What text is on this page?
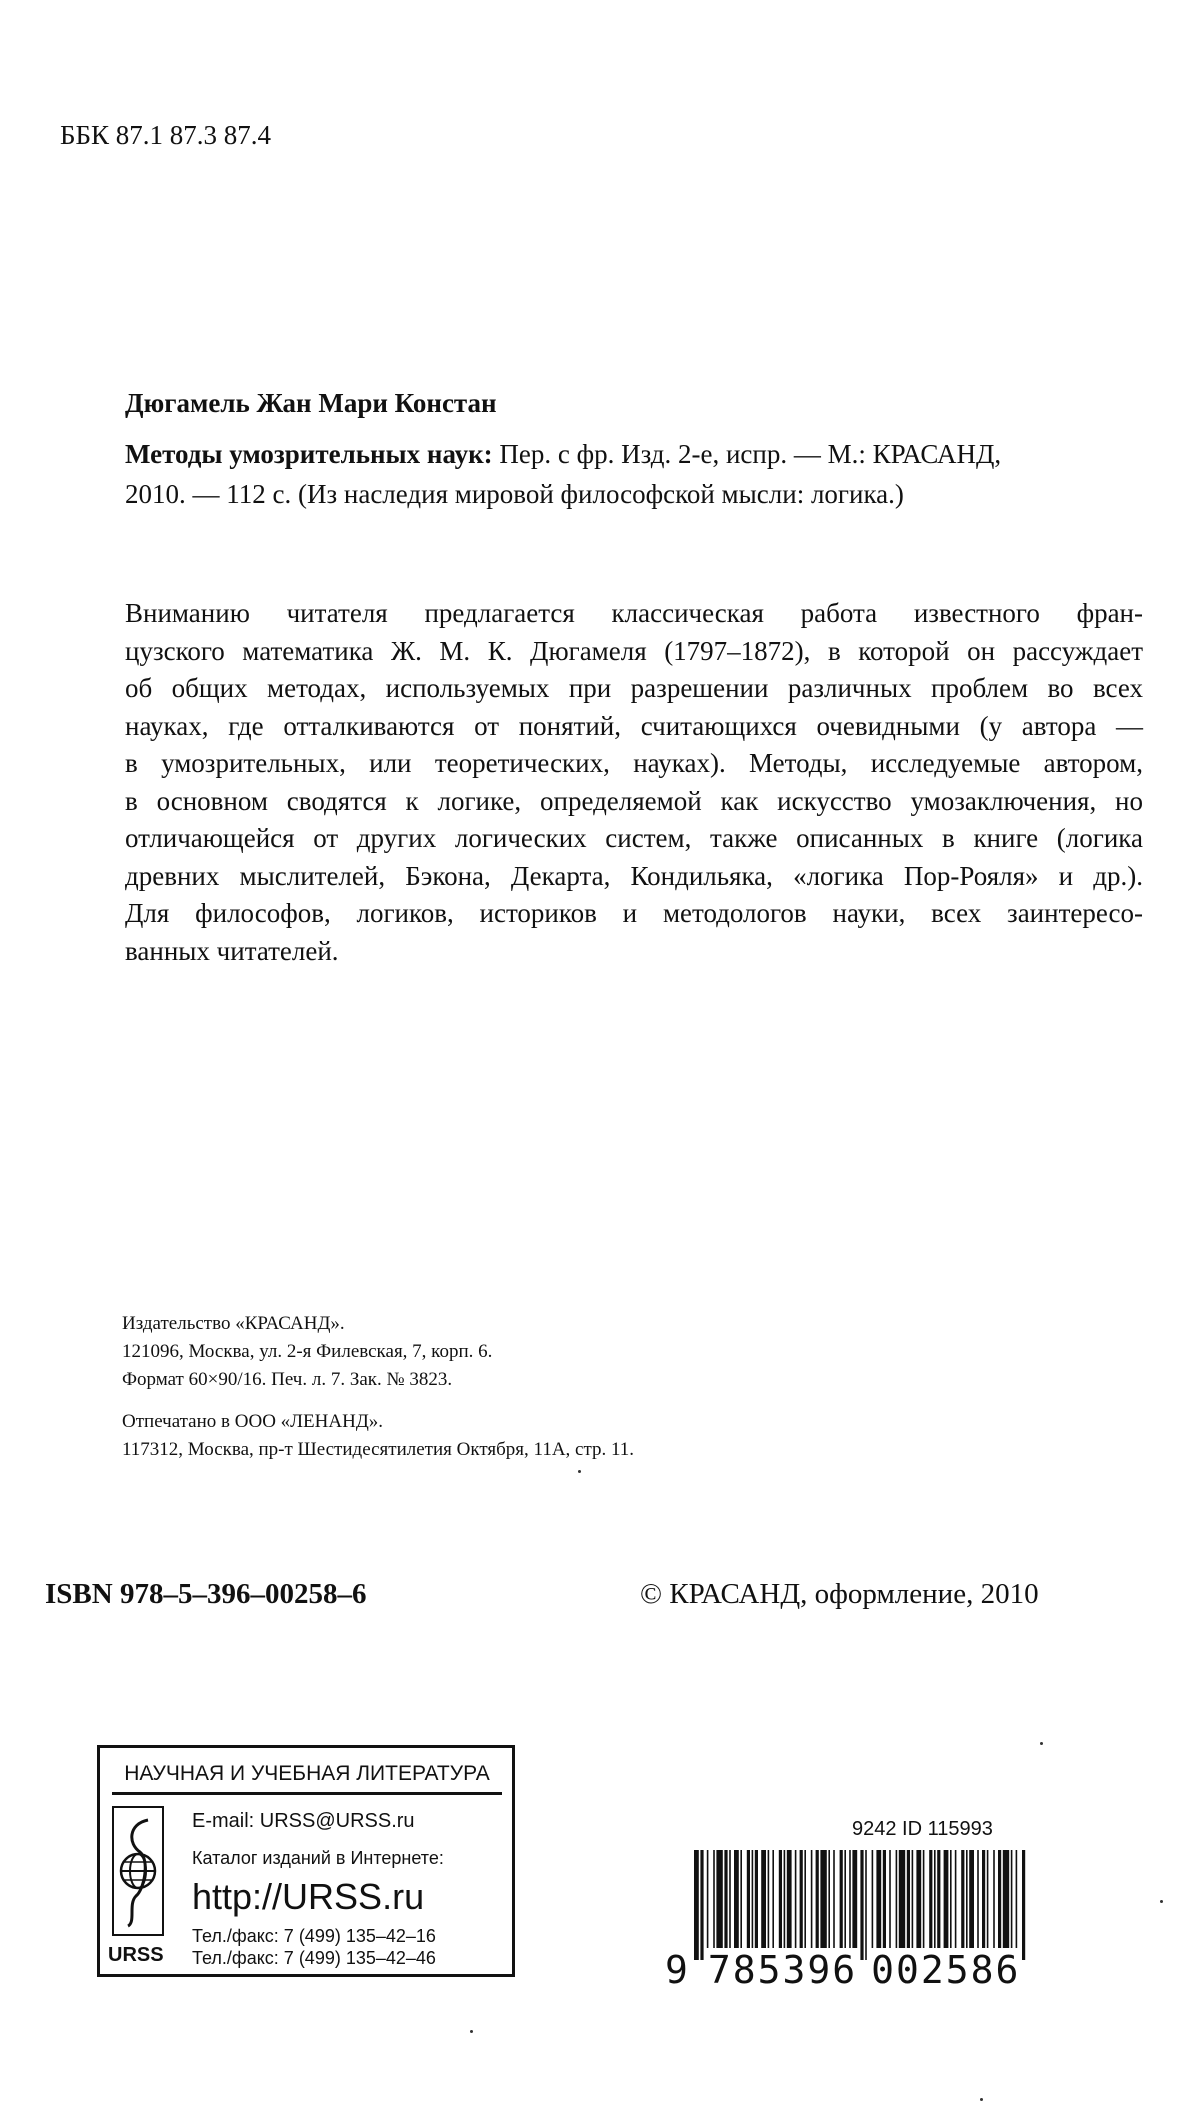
ББК 87.1 87.3 87.4
Дюгамель Жан Мари Констан
Методы умозрительных наук: Пер. с фр. Изд. 2-е, испр. — М.: КРАСАНД,
2010. — 112 с. (Из наследия мировой философской мысли: логика.)
Вниманию читателя предлагается классическая работа известного фран-
цузского математика Ж. М. К. Дюгамеля (1797–1872), в которой он рассуждает
об общих методах, используемых при разрешении различных проблем во всех
науках, где отталкиваются от понятий, считающихся очевидными (у автора —
в умозрительных, или теоретических, науках). Методы, исследуемые автором,
в основном сводятся к логике, определяемой как искусство умозаключения, но
отличающейся от других логических систем, также описанных в книге (логика
древних мыслителей, Бэкона, Декарта, Кондильяка, «логика Пор-Рояля» и др.).
Для философов, логиков, историков и методологов науки, всех заинтересо-
ванных читателей.
Издательство «КРАСАНД».
121096, Москва, ул. 2-я Филевская, 7, корп. 6.
Формат 60×90/16. Печ. л. 7. Зак. № 3823.
Отпечатано в ООО «ЛЕНАНД».
117312, Москва, пр-т Шестидесятилетия Октября, 11А, стр. 11.
ISBN 978–5–396–00258–6	© КРАСАНД, оформление, 2010
НАУЧНАЯ И УЧЕБНАЯ ЛИТЕРАТУРА
URSS
E-mail: URSS@URSS.ru
Каталог изданий в Интернете:
http://URSS.ru
Тел./факс: 7 (499) 135–42–16
Тел./факс: 7 (499) 135–42–46
9242 ID 115993
9 785396 002586
